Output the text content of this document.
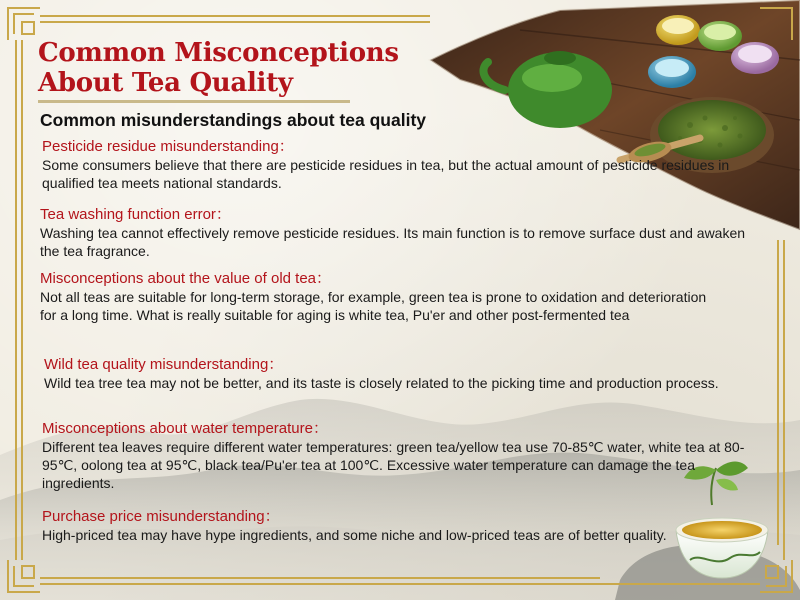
Common Misconceptions
About Tea Quality
Common misunderstandings about tea quality

Pesticide residue misunderstanding：

Some consumers believe that there are pesticide residues in tea, but the actual amount of pesticide residues in qualified tea meets national standards.

Tea washing function error：

Washing tea cannot effectively remove pesticide residues. Its main function is to remove surface dust and awaken the tea fragrance.

Misconceptions about the value of old tea：

Not all teas are suitable for long-term storage, for example, green tea is prone to oxidation and deterioration for a long time. What is really suitable for aging is white tea, Pu'er and other post-fermented tea

Wild tea quality misunderstanding：

Wild tea tree tea may not be better, and its taste is closely related to the picking time and production process.

Misconceptions about water temperature：

Different tea leaves require different water temperatures: green tea/yellow tea use 70-85℃ water, white tea at 80-95℃, oolong tea at 95℃, black tea/Pu'er tea at 100℃. Excessive water temperature can damage the tea ingredients.

Purchase price misunderstanding：

High-priced tea may have hype ingredients, and some niche and low-priced teas are of better quality.
